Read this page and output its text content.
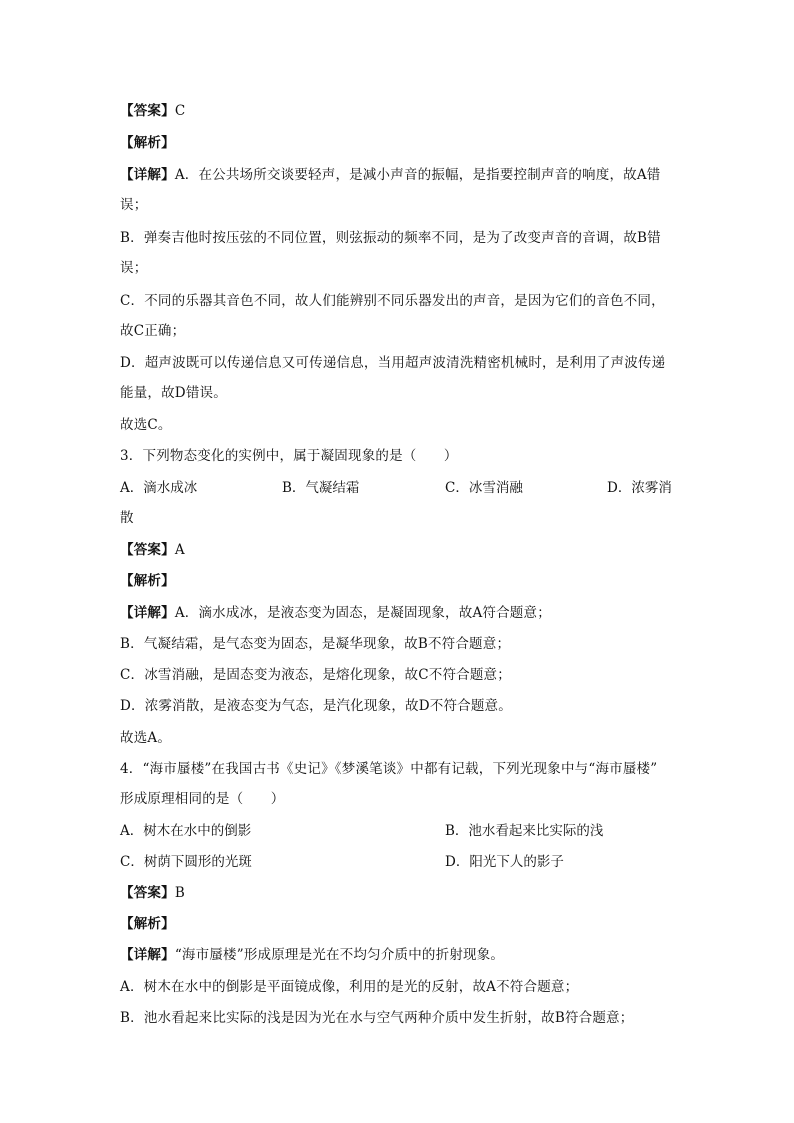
【答案】C
【解析】
【详解】A．在公共场所交谈要轻声，是减小声音的振幅，是指要控制声音的响度，故A错
误；
B．弹奏吉他时按压弦的不同位置，则弦振动的频率不同，是为了改变声音的音调，故B错
误；
C．不同的乐器其音色不同，故人们能辨别不同乐器发出的声音，是因为它们的音色不同，
故C正确；
D．超声波既可以传递信息又可传递信息，当用超声波清洗精密机械时，是利用了声波传递
能量，故D错误。
故选C。
3．下列物态变化的实例中，属于凝固现象的是（　　）
A．滴水成冰	B．气凝结霜	C．冰雪消融	D．浓雾消
散
【答案】A
【解析】
【详解】A．滴水成冰，是液态变为固态，是凝固现象，故A符合题意；
B．气凝结霜，是气态变为固态，是凝华现象，故B不符合题意；
C．冰雪消融，是固态变为液态，是熔化现象，故C不符合题意；
D．浓雾消散，是液态变为气态，是汽化现象，故D不符合题意。
故选A。
4．“海市蜃楼”在我国古书《史记》《梦溪笔谈》中都有记载，下列光现象中与“海市蜃楼”
形成原理相同的是（　　）
A．树木在水中的倒影	B．池水看起来比实际的浅
C．树荫下圆形的光斑	D．阳光下人的影子
【答案】B
【解析】
【详解】“海市蜃楼”形成原理是光在不均匀介质中的折射现象。
A．树木在水中的倒影是平面镜成像，利用的是光的反射，故A不符合题意；
B．池水看起来比实际的浅是因为光在水与空气两种介质中发生折射，故B符合题意；
